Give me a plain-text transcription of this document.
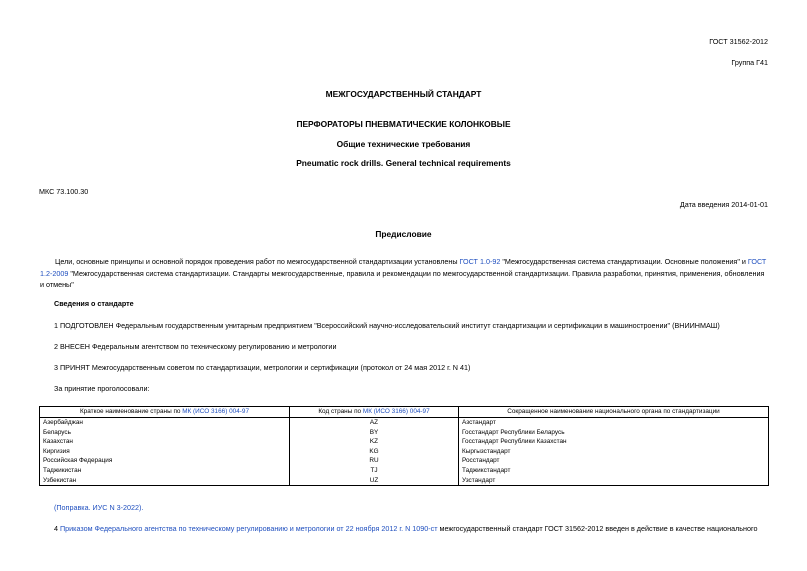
ГОСТ 31562-2012
Группа Г41
МЕЖГОСУДАРСТВЕННЫЙ СТАНДАРТ
ПЕРФОРАТОРЫ ПНЕВМАТИЧЕСКИЕ КОЛОНКОВЫЕ
Общие технические требования
Pneumatic rock drills. General technical requirements
МКС 73.100.30
Дата введения 2014-01-01
Предисловие
Цели, основные принципы и основной порядок проведения работ по межгосударственной стандартизации установлены ГОСТ 1.0-92 "Межгосударственная система стандартизации. Основные положения" и ГОСТ 1.2-2009 "Межгосударственная система стандартизации. Стандарты межгосударственные, правила и рекомендации по межгосударственной стандартизации. Правила разработки, принятия, применения, обновления и отмены"
Сведения о стандарте
1 ПОДГОТОВЛЕН Федеральным государственным унитарным предприятием "Всероссийский научно-исследовательский институт стандартизации и сертификации в машиностроении" (ВНИИНМАШ)
2 ВНЕСЕН Федеральным агентством по техническому регулированию и метрологии
3 ПРИНЯТ Межгосударственным советом по стандартизации, метрологии и сертификации (протокол от 24 мая 2012 г. N 41)
За принятие проголосовали:
Краткое наименование страны по МК (ИСО 3166) 004-97	Код страны по МК (ИСО 3166) 004-97	Сокращенное наименование национального органа по стандартизации
Азербайджан	AZ	Азстандарт
Беларусь	BY	Госстандарт Республики Беларусь
Казахстан	KZ	Госстандарт Республики Казахстан
Киргизия	KG	Кыргызстандарт
Российская Федерация	RU	Росстандарт
Таджикистан	TJ	Таджикстандарт
Узбекистан	UZ	Узстандарт
(Поправка. ИУС N 3-2022).
4 Приказом Федерального агентства по техническому регулированию и метрологии от 22 ноября 2012 г. N 1090-ст межгосударственный стандарт ГОСТ 31562-2012 введен в действие в качестве национального
